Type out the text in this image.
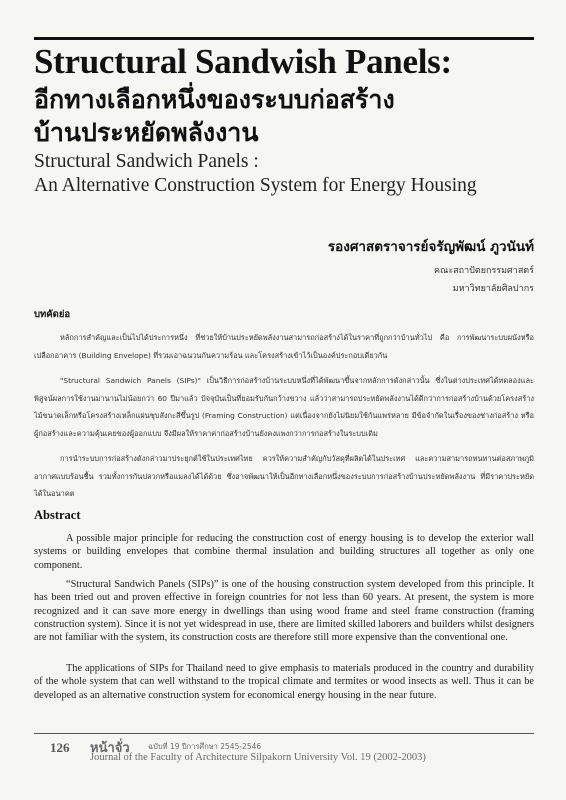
Structural Sandwish Panels:
อีกทางเลือกหนึ่งของระบบก่อสร้าง
บ้านประหยัดพลังงาน
Structural Sandwich Panels :
An Alternative Construction System for Energy Housing
รองศาสตราจารย์จรัญพัฒน์ ภูวนันท์
คณะสถาปัตยกรรมศาสตร์
มหาวิทยาลัยศิลปากร
บทคัดย่อ

หลักการสำคัญและเป็นไปได้ประการหนึ่ง ที่ช่วยให้บ้านประหยัดพลังงานสามารถก่อสร้างได้ในราคาที่ถูกกว่าบ้านทั่วไป คือ การพัฒนาระบบผนังหรือเปลือกอาคาร (Building Envelope) ที่รวมเอาฉนวนกันความร้อน และโครงสร้างเข้าไว้เป็นองค์ประกอบเดียวกัน

"Structural Sandwich Panels (SIPs)" เป็นวิธีการก่อสร้างบ้านระบบหนึ่งที่ได้พัฒนาขึ้นจากหลักการดังกล่าวนั้น ซึ่งในต่างประเทศได้ทดลองและพิสูจน์ผลการใช้งานมานานไม่น้อยกว่า 60 ปีมาแล้ว ปัจจุบันเป็นที่ยอมรับกันกว้างขวาง แล้วว่าสามารถประหยัดพลังงานได้ดีกว่าการก่อสร้างบ้านด้วยโครงสร้างไม้ขนาดเล็กหรือโครงสร้างเหล็กแผ่นชุบสังกะสีขึ้นรูป (Framing Construction) แต่เนื่องจากยังไม่นิยมใช้กันแพร่หลาย มีข้อจำกัดในเรื่องของช่างก่อสร้าง หรือผู้ก่อสร้างและความคุ้นเคยของผู้ออกแบบ จึงมีผลให้ราคาค่าก่อสร้างบ้านยังคงแพงกว่าการก่อสร้างในระบบเดิม

การนำระบบการก่อสร้างดังกล่าวมาประยุกต์ใช้ในประเทศไทย ควรให้ความสำคัญกับวัสดุที่ผลิตได้ในประเทศ และความสามารถทนทานต่อสภาพภูมิอากาศแบบร้อนชื้น รวมทั้งการกันปลวกหรือแมลงได้ได้ด้วย ซึ่งอาจพัฒนาให้เป็นอีกทางเลือกหนึ่งของระบบการก่อสร้างบ้านประหยัดพลังงาน ที่มีราคาประหยัดได้ในอนาคต

Abstract

A possible major principle for reducing the construction cost of energy housing is to develop the exterior wall systems or building envelopes that combine thermal insulation and building structures all together as only one component.

“Structural Sandwich Panels (SIPs)” is one of the housing construction system developed from this principle. It has been tried out and proven effective in foreign countries for not less than 60 years. At present, the system is more recognized and it can save more energy in dwellings than using wood frame and steel frame construction (framing construction system). Since it is not yet widespread in use, there are limited skilled laborers and builders whilst designers are not familiar with the system, its construction costs are therefore still more expensive than the conventional one.

The applications of SIPs for Thailand need to give emphasis to materials produced in the country and durability of the whole system that can well withstand to the tropical climate and termites or wood insects as well. Thus it can be developed as an alternative construction system for economical energy housing in the near future.

126 หน้าจั่ว ฉบับที่ 19 ปีการศึกษา 2545-2546
Journal of the Faculty of Architecture Silpakorn University Vol. 19 (2002-2003)
